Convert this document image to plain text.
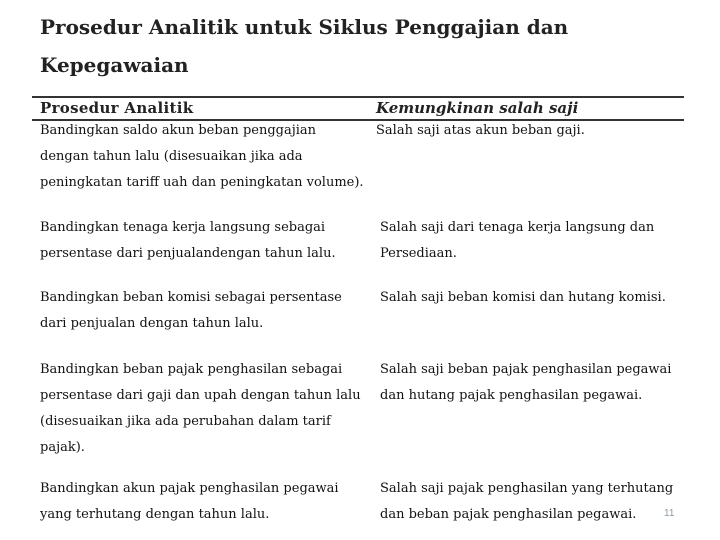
Prosedur Analitik untuk Siklus Penggajian dan
Kepegawaian
Prosedur Analitik	Kemungkinan salah saji
Bandingkan saldo akun beban penggajian
dengan tahun lalu (disesuaikan jika ada
peningkatan tariff uah dan peningkatan volume).
Salah saji atas akun beban gaji.
Bandingkan tenaga kerja langsung sebagai
persentase dari penjualandengan tahun lalu.
Salah saji dari tenaga kerja langsung dan
Persediaan.
Bandingkan beban komisi sebagai persentase
dari penjualan dengan tahun lalu.
Salah saji beban komisi dan hutang komisi.
Bandingkan beban pajak penghasilan sebagai
persentase dari gaji dan upah dengan tahun lalu
(disesuaikan jika ada perubahan dalam tarif
pajak).
Salah saji beban pajak penghasilan pegawai
dan hutang pajak penghasilan pegawai.
Bandingkan akun pajak penghasilan pegawai
yang terhutang dengan tahun lalu.
Salah saji pajak penghasilan yang terhutang
dan beban pajak penghasilan pegawai.	11
